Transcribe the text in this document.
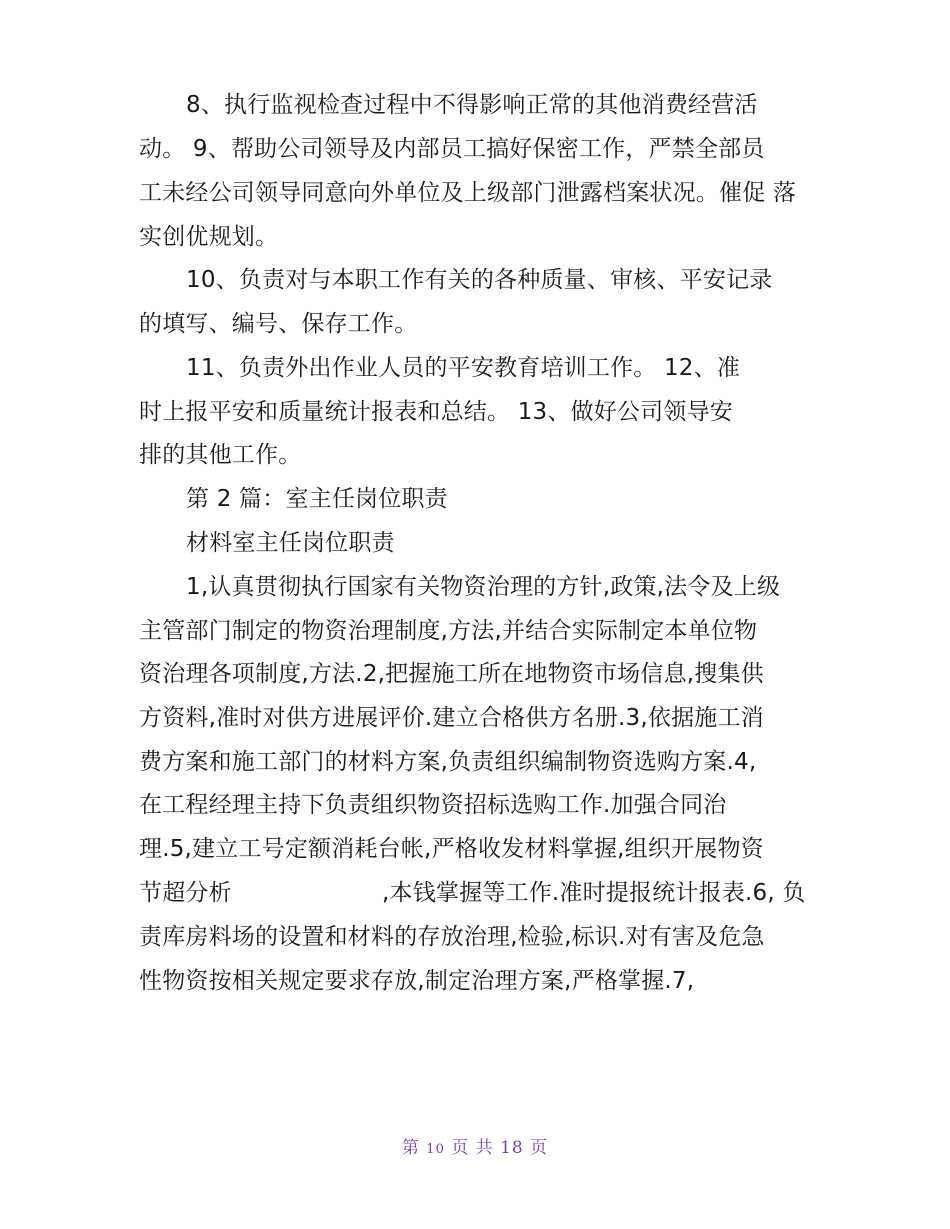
8、执行监视检查过程中不得影响正常的其他消费经营活
动。 9、帮助公司领导及内部员工搞好保密工作，严禁全部员
工未经公司领导同意向外单位及上级部门泄露档案状况。催促 落
实创优规划。
10、负责对与本职工作有关的各种质量、审核、平安记录
的填写、编号、保存工作。
11、负责外出作业人员的平安教育培训工作。 12、准
时上报平安和质量统计报表和总结。 13、做好公司领导安
排的其他工作。
第 2 篇：室主任岗位职责
材料室主任岗位职责
1,认真贯彻执行国家有关物资治理的方针,政策,法令及上级
主管部门制定的物资治理制度,方法,并结合实际制定本单位物
资治理各项制度,方法.2,把握施工所在地物资市场信息,搜集供
方资料,准时对供方进展评价.建立合格供方名册.3,依据施工消
费方案和施工部门的材料方案,负责组织编制物资选购方案.4,
在工程经理主持下负责组织物资招标选购工作.加强合同治
理.5,建立工号定额消耗台帐,严格收发材料掌握,组织开展物资
节超分析                    ,本钱掌握等工作.准时提报统计报表.6, 负
责库房料场的设置和材料的存放治理,检验,标识.对有害及危急
性物资按相关规定要求存放,制定治理方案,严格掌握.7,
第 10 页 共 18 页
